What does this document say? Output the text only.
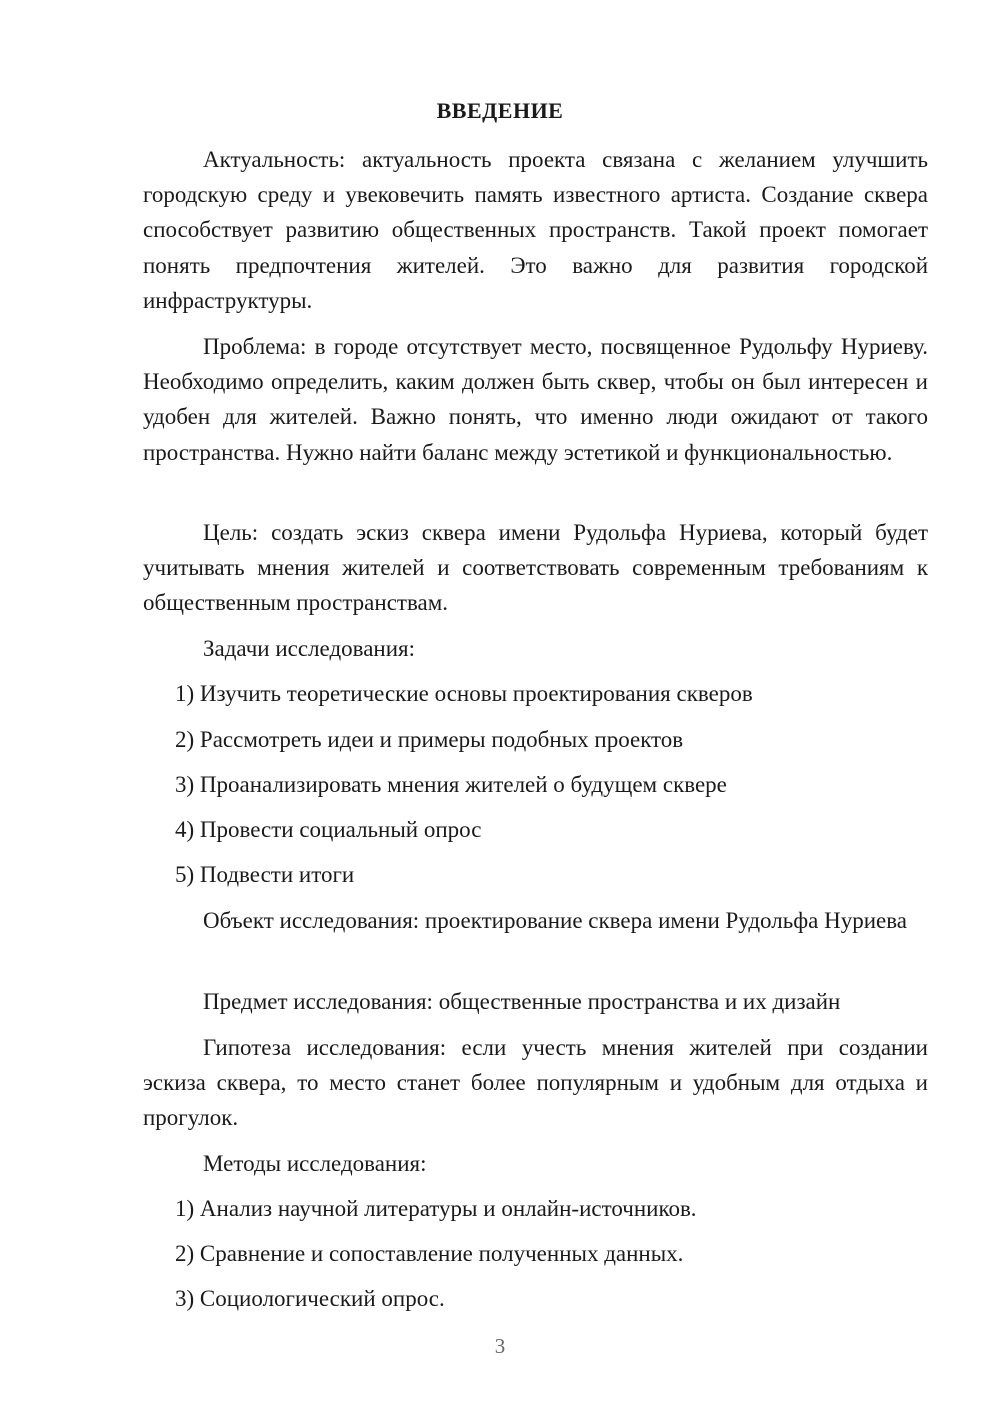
ВВЕДЕНИЕ

Актуальность: актуальность проекта связана с желанием улучшить городскую среду и увековечить память известного артиста. Создание сквера способствует развитию общественных пространств. Такой проект помогает понять предпочтения жителей. Это важно для развития городской инфраструктуры.

Проблема: в городе отсутствует место, посвященное Рудольфу Нуриеву. Необходимо определить, каким должен быть сквер, чтобы он был интересен и удобен для жителей. Важно понять, что именно люди ожидают от такого пространства. Нужно найти баланс между эстетикой и функциональностью.

Цель: создать эскиз сквера имени Рудольфа Нуриева, который будет учитывать мнения жителей и соответствовать современным требованиям к общественным пространствам.

Задачи исследования:

1) Изучить теоретические основы проектирования скверов

2) Рассмотреть идеи и примеры подобных проектов

3) Проанализировать мнения жителей о будущем сквере

4) Провести социальный опрос

5) Подвести итоги

Объект исследования: проектирование сквера имени Рудольфа Нуриева

Предмет исследования: общественные пространства и их дизайн

Гипотеза исследования: если учесть мнения жителей при создании эскиза сквера, то место станет более популярным и удобным для отдыха и прогулок.

Методы исследования:

1) Анализ научной литературы и онлайн-источников.

2) Сравнение и сопоставление полученных данных.

3) Социологический опрос.

3
